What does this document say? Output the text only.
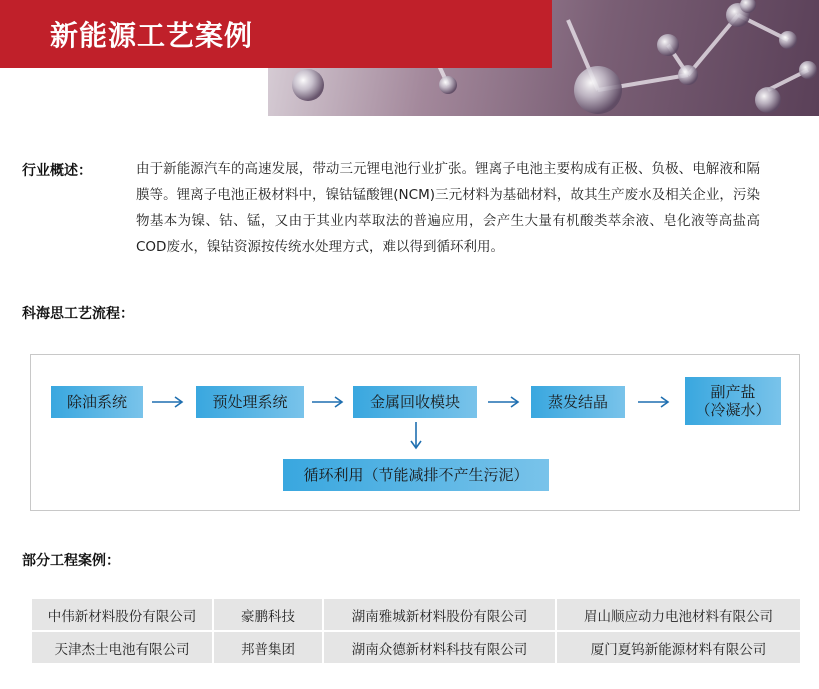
新能源工艺案例
行业概述：	由于新能源汽车的高速发展，带动三元锂电池行业扩张。锂离子电池主要构成有正极、负极、电解液和隔膜等。锂离子电池正极材料中，镍钴锰酸锂(NCM)三元材料为基础材料，故其生产废水及相关企业，污染物基本为镍、钴、锰，又由于其业内萃取法的普遍应用，会产生大量有机酸类萃余液、皂化液等高盐高COD废水，镍钴资源按传统水处理方式，难以得到循环利用。
科海思工艺流程：
除油系统	预处理系统	金属回收模块	蒸发结晶
副产盐
（冷凝水）
循环利用（节能减排不产生污泥）
部分工程案例：
中伟新材料股份有限公司	豪鹏科技	湖南雅城新材料股份有限公司	眉山顺应动力电池材料有限公司
天津杰士电池有限公司	邦普集团	湖南众德新材料科技有限公司	厦门夏钨新能源材料有限公司
